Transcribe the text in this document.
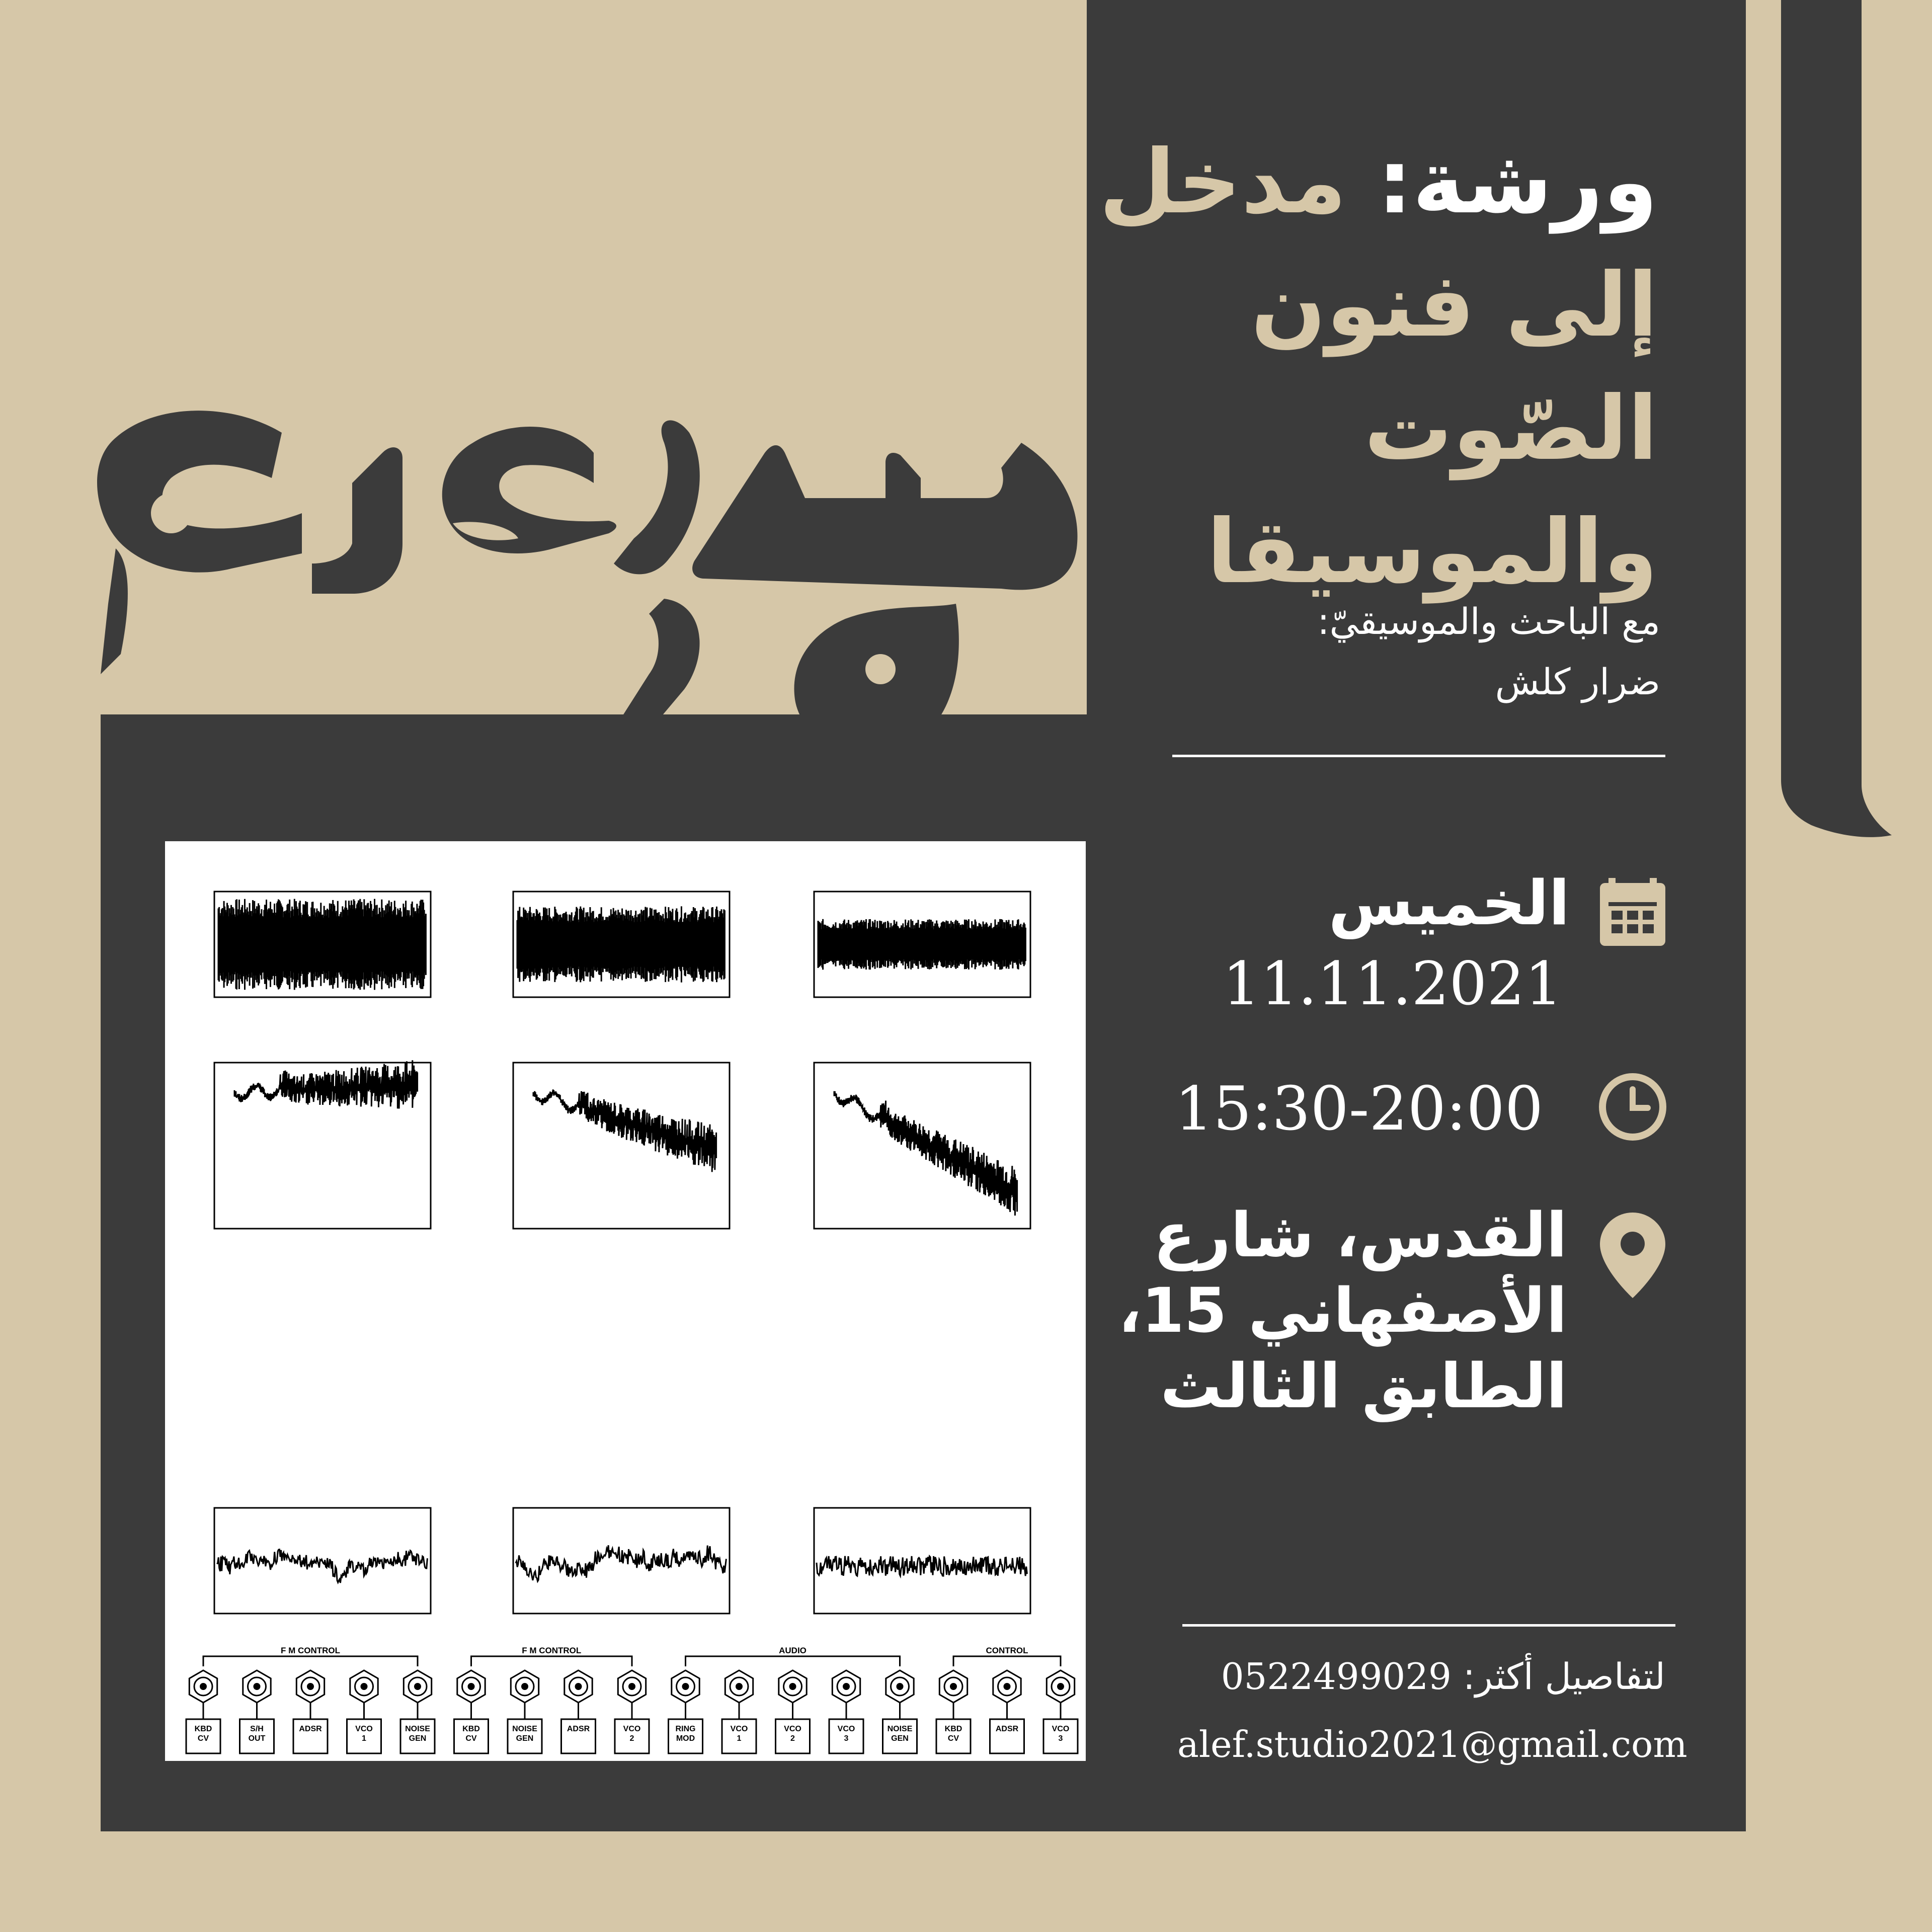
ورشة: مدخل
إلى فنون
الصّوت
والموسيقا
مع الباحث والموسيقيّ:
ضرار كلش
الخميس
11.11.2021
15:30-20:00
القدس، شارع
الأصفهاني 15،
الطابق الثالث
لتفاصيل أكثر: 0522499029
alef.studio2021@gmail.com
F M CONTROL	F M CONTROL	AUDIO	CONTROL
KBD
CV
S/H
OUT
ADSR	VCO
1
NOISE
GEN
KBD
CV
NOISE
GEN
ADSR	VCO
2
RING
MOD
VCO
1
VCO
2
VCO
3
NOISE
GEN
KBD
CV
ADSR	VCO
3
